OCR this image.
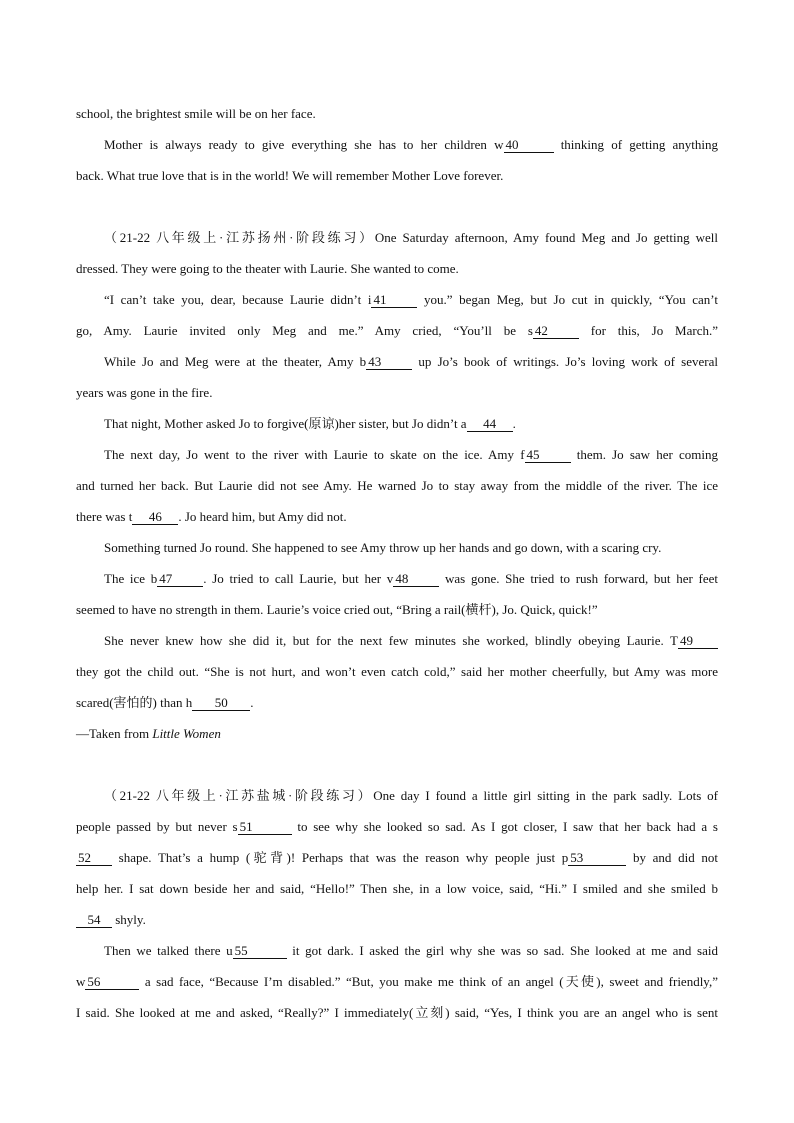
school, the brightest smile will be on her face.
Mother is always ready to give everything she has to her children w 40	thinking of getting anything
back. What true love that is in the world! We will remember Mother Love forever.
（21-22 八年级上·江苏扬州·阶段练习）One Saturday afternoon, Amy found Meg and Jo getting well
dressed. They were going to the theater with Laurie. She wanted to come.
“I can’t take you, dear, because Laurie didn’t i 41 you.” began Meg, but Jo cut in quickly, “You can’t
go, Amy. Laurie invited only Meg and me.” Amy cried, “You’ll be s 42 for this, Jo March.”
While Jo and Meg were at the theater, Amy b 43 up Jo’s book of writings. Jo’s loving work of several
years was gone in the fire.
That night, Mother asked Jo to forgive(原谅)her sister, but Jo didn’t a 44 .
The next day, Jo went to the river with Laurie to skate on the ice. Amy f 45 them. Jo saw her coming
and turned her back. But Laurie did not see Amy. He warned Jo to stay away from the middle of the river. The ice
there was t 46 . Jo heard him, but Amy did not.
Something turned Jo round. She happened to see Amy throw up her hands and go down, with a scaring cry.
The ice b 47 . Jo tried to call Laurie, but her v 48 was gone. She tried to rush forward, but her feet
seemed to have no strength in them. Laurie’s voice cried out, “Bring a rail(横杆), Jo. Quick, quick!”
She never knew how she did it, but for the next few minutes she worked, blindly obeying Laurie. T 49
they got the child out. “She is not hurt, and won’t even catch cold,” said her mother cheerfully, but Amy was more
scared(害怕的) than h 50 .
—Taken from Little Women
（21-22 八年级上·江苏盐城·阶段练习）One day I found a little girl sitting in the park sadly. Lots of
people passed by but never s 51	to see why she looked so sad. As I got closer, I saw that her back had a s
52 shape. That’s a hump (驼背)! Perhaps that was the reason why people just p 53	by and did not
help her. I sat down beside her and said, “Hello!” Then she, in a low voice, said, “Hi.” I smiled and she smiled b
54 shyly.
Then we talked there u 55	it got dark. I asked the girl why she was so sad. She looked at me and said
w 56	a sad face, “Because I’m disabled.” “But, you make me think of an angel (天使), sweet and friendly,”
I said. She looked at me and asked, “Really?” I immediately(立刻) said, “Yes, I think you are an angel who is sent
